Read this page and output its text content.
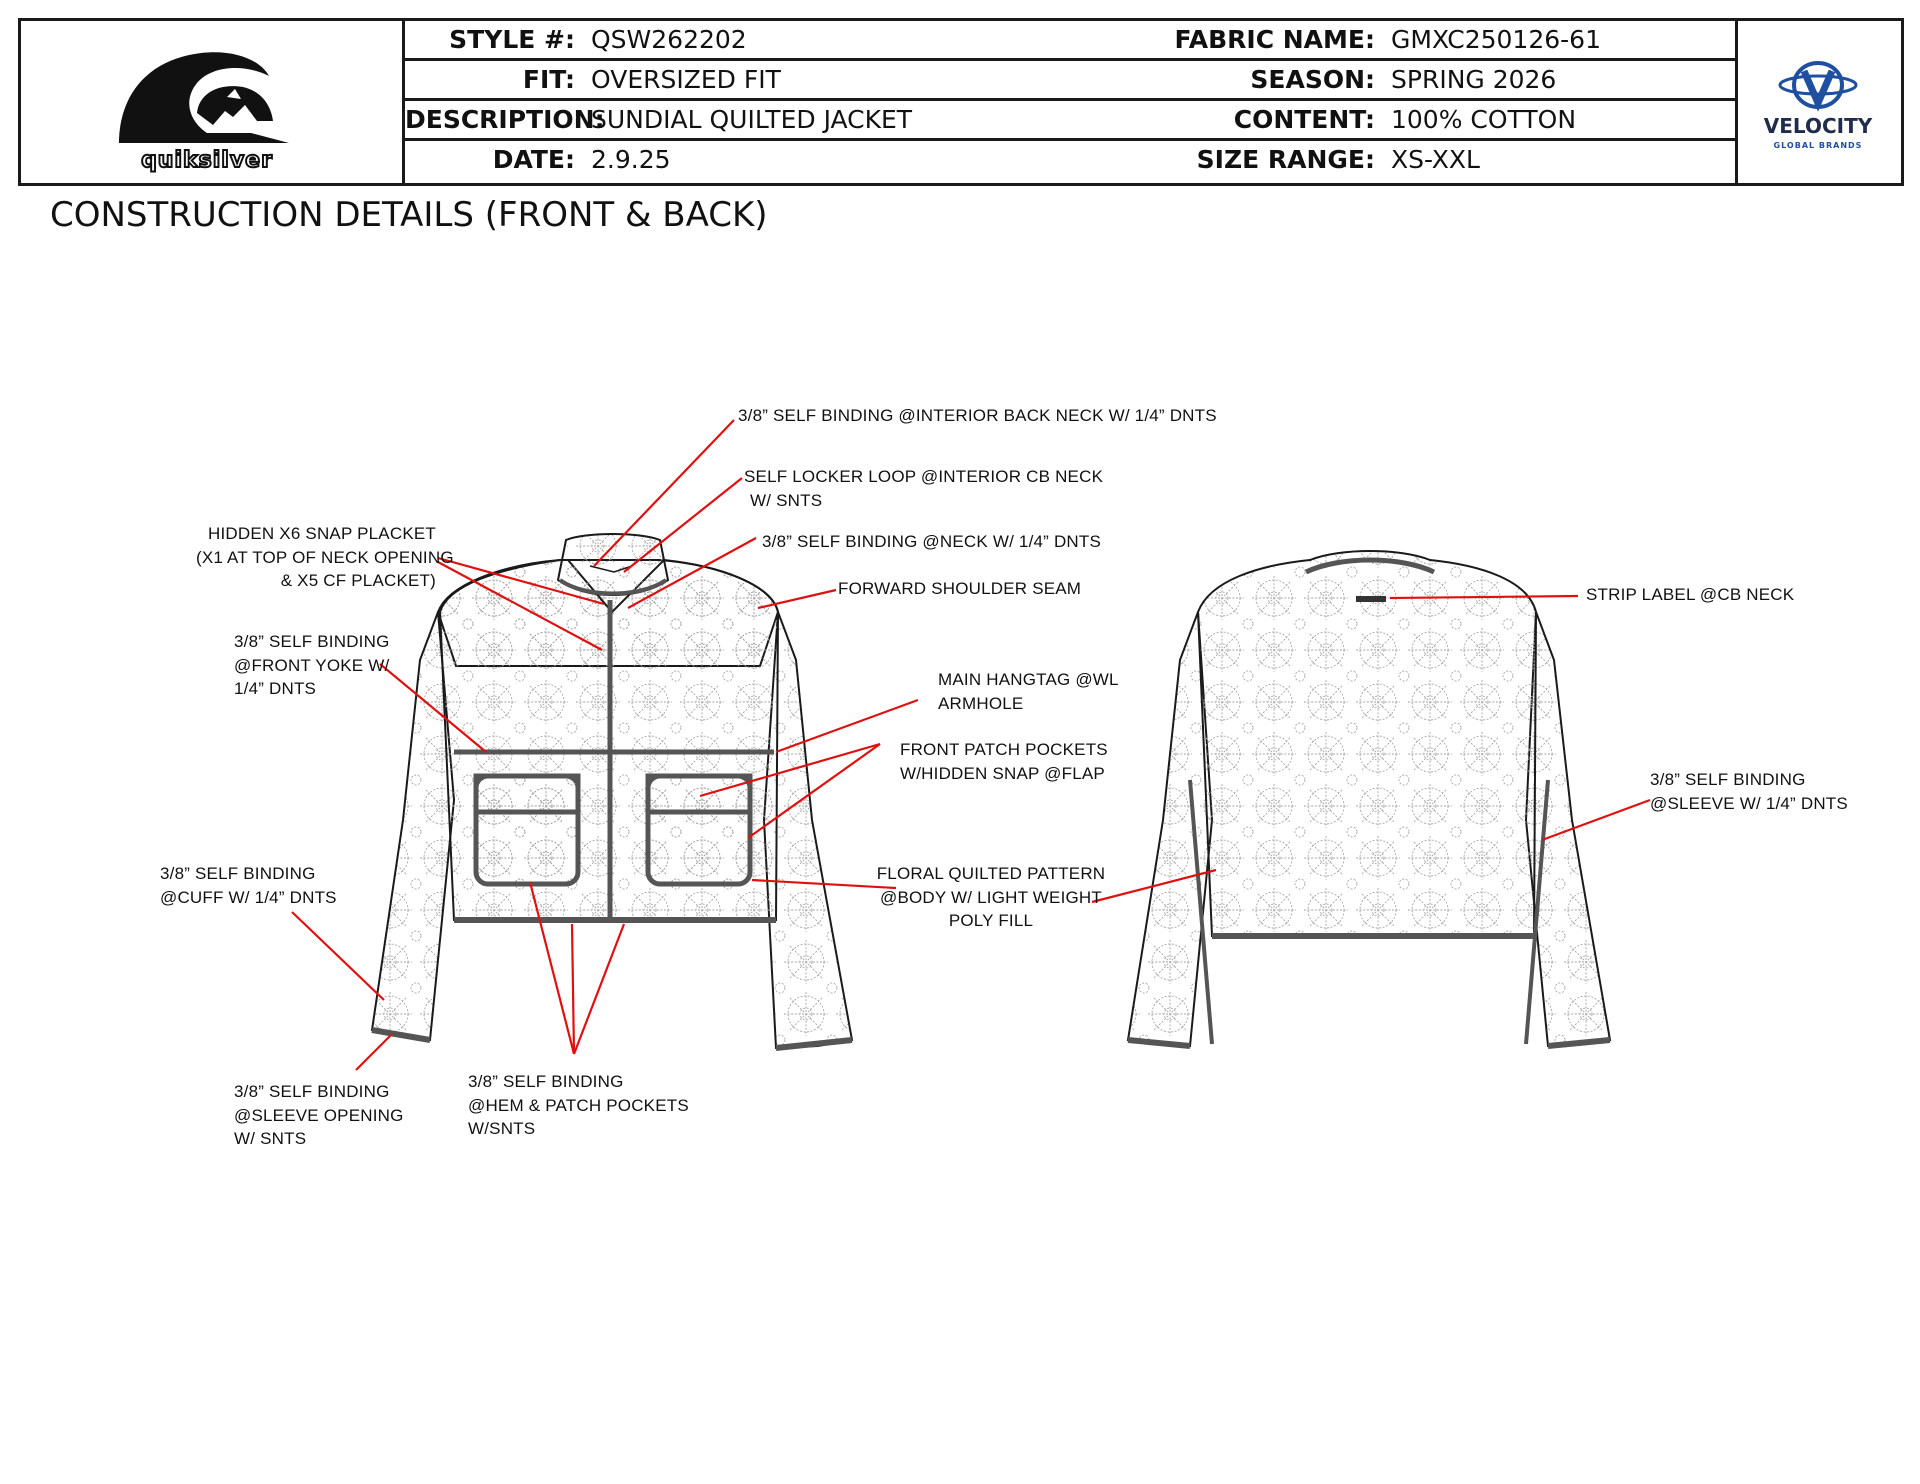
quiksilver
STYLE #: QSW262202	FABRIC NAME: GMXC250126-61
FIT: OVERSIZED FIT	SEASON: SPRING 2026
DESCRIPTION:
SUNDIAL QUILTED JACKET	CONTENT: 100% COTTON
DATE: 2.9.25	SIZE RANGE: XS-XXL
VELOCITY
GLOBAL BRANDS
CONSTRUCTION DETAILS (FRONT & BACK)
3/8” SELF BINDING @INTERIOR BACK NECK W/ 1/4” DNTS
SELF LOCKER LOOP @INTERIOR CB NECK
W/ SNTS
3/8” SELF BINDING @NECK W/ 1/4” DNTS
FORWARD SHOULDER SEAM
HIDDEN X6 SNAP PLACKET
(X1 AT TOP OF NECK OPENING
& X5 CF PLACKET)
3/8” SELF BINDING
@FRONT YOKE W/
1/4” DNTS	MAIN HANGTAG @WL
ARMHOLE
FRONT PATCH POCKETS
W/HIDDEN SNAP @FLAP
FLORAL QUILTED PATTERN
@BODY W/ LIGHT WEIGHT
POLY FILL
3/8” SELF BINDING
@CUFF W/ 1/4” DNTS
3/8” SELF BINDING
@SLEEVE OPENING
W/ SNTS
3/8” SELF BINDING
@HEM & PATCH POCKETS
W/SNTS
STRIP LABEL @CB NECK
3/8” SELF BINDING
@SLEEVE W/ 1/4” DNTS
